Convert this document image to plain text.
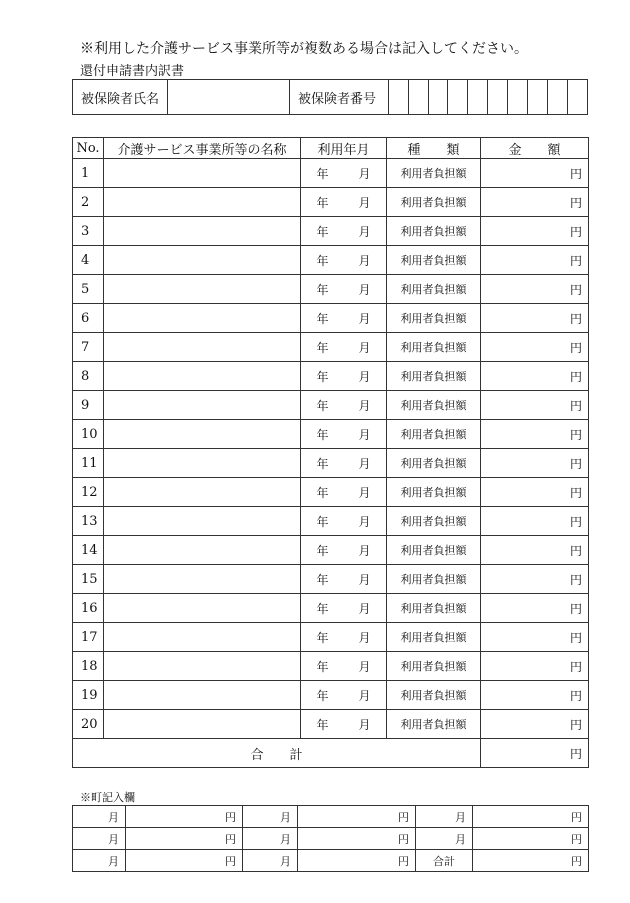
※利用した介護サービス事業所等が複数ある場合は記入してください。
還付申請書内訳書
被保険者氏名		被保険者番号										
No.	介護サービス事業所等の名称	利用年月	種　　類	金　　額
1		年 月	利用者負担額	円
2		年 月	利用者負担額	円
3		年 月	利用者負担額	円
4		年 月	利用者負担額	円
5		年 月	利用者負担額	円
6		年 月	利用者負担額	円
7		年 月	利用者負担額	円
8		年 月	利用者負担額	円
9		年 月	利用者負担額	円
10		年 月	利用者負担額	円
11		年 月	利用者負担額	円
12		年 月	利用者負担額	円
13		年 月	利用者負担額	円
14		年 月	利用者負担額	円
15		年 月	利用者負担額	円
16		年 月	利用者負担額	円
17		年 月	利用者負担額	円
18		年 月	利用者負担額	円
19		年 月	利用者負担額	円
20		年 月	利用者負担額	円
合　　計				円
※町記入欄
月	円	月	円	月	円
月	円	月	円	月	円
月	円	月	円	合計	円
